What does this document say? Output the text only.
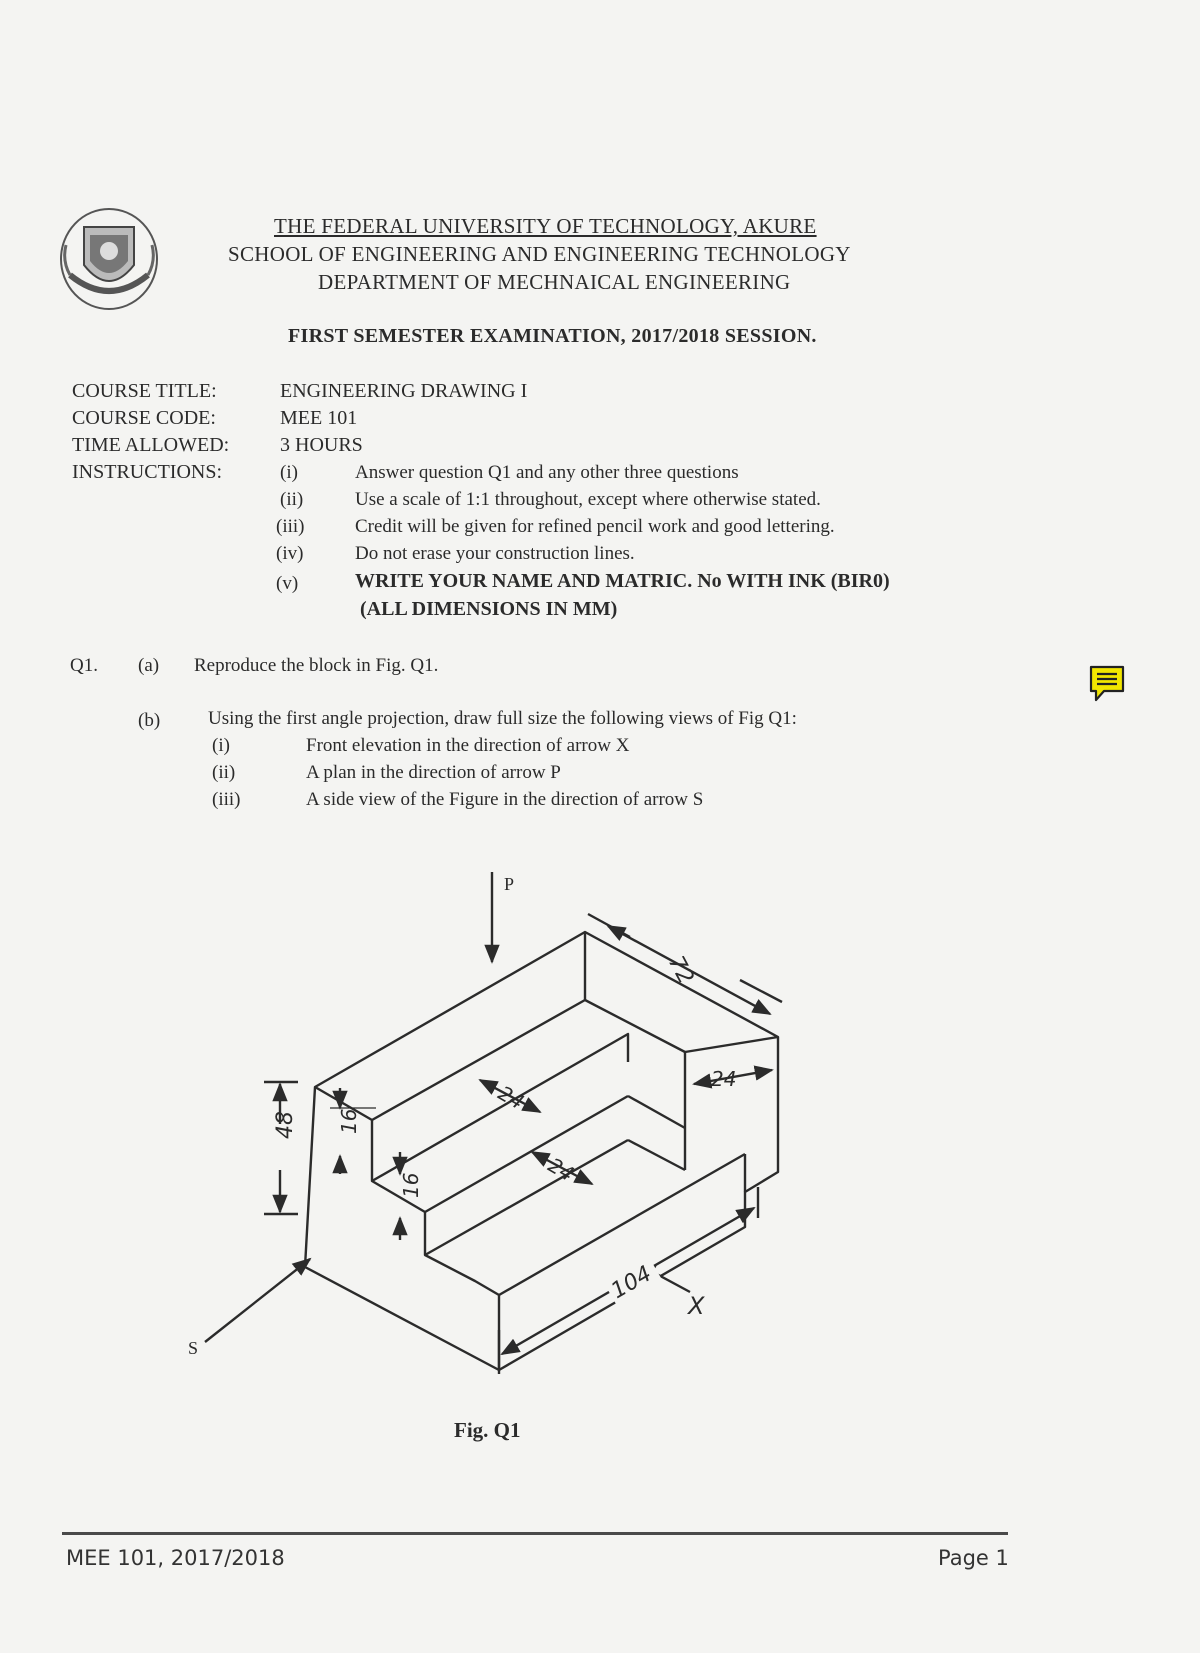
THE FEDERAL UNIVERSITY OF TECHNOLOGY, AKURE
SCHOOL OF ENGINEERING AND ENGINEERING TECHNOLOGY
DEPARTMENT OF MECHNAICAL ENGINEERING
FIRST SEMESTER EXAMINATION, 2017/2018 SESSION.
COURSE TITLE:	ENGINEERING DRAWING I
COURSE CODE:	MEE 101
TIME ALLOWED:	3 HOURS
INSTRUCTIONS:	(i)	Answer question Q1 and any other three questions
(ii)	Use a scale of 1:1 throughout, except where otherwise stated.
(iii)	Credit will be given for refined pencil work and good lettering.
(iv)	Do not erase your construction lines.
(v)	WRITE YOUR NAME AND MATRIC. No WITH INK (BIR0)
(ALL DIMENSIONS IN MM)
Q1. (a) Reproduce the block in Fig. Q1.
(b)	Using the first angle projection, draw full size the following views of Fig Q1:
(i)	Front elevation in the direction of arrow X
(ii)	A plan in the direction of arrow P
(iii)	A side view of the Figure in the direction of arrow S
P
S
X
72
24
48 16
16
24
24
104
Fig. Q1
MEE 101, 2017/2018	Page 1
